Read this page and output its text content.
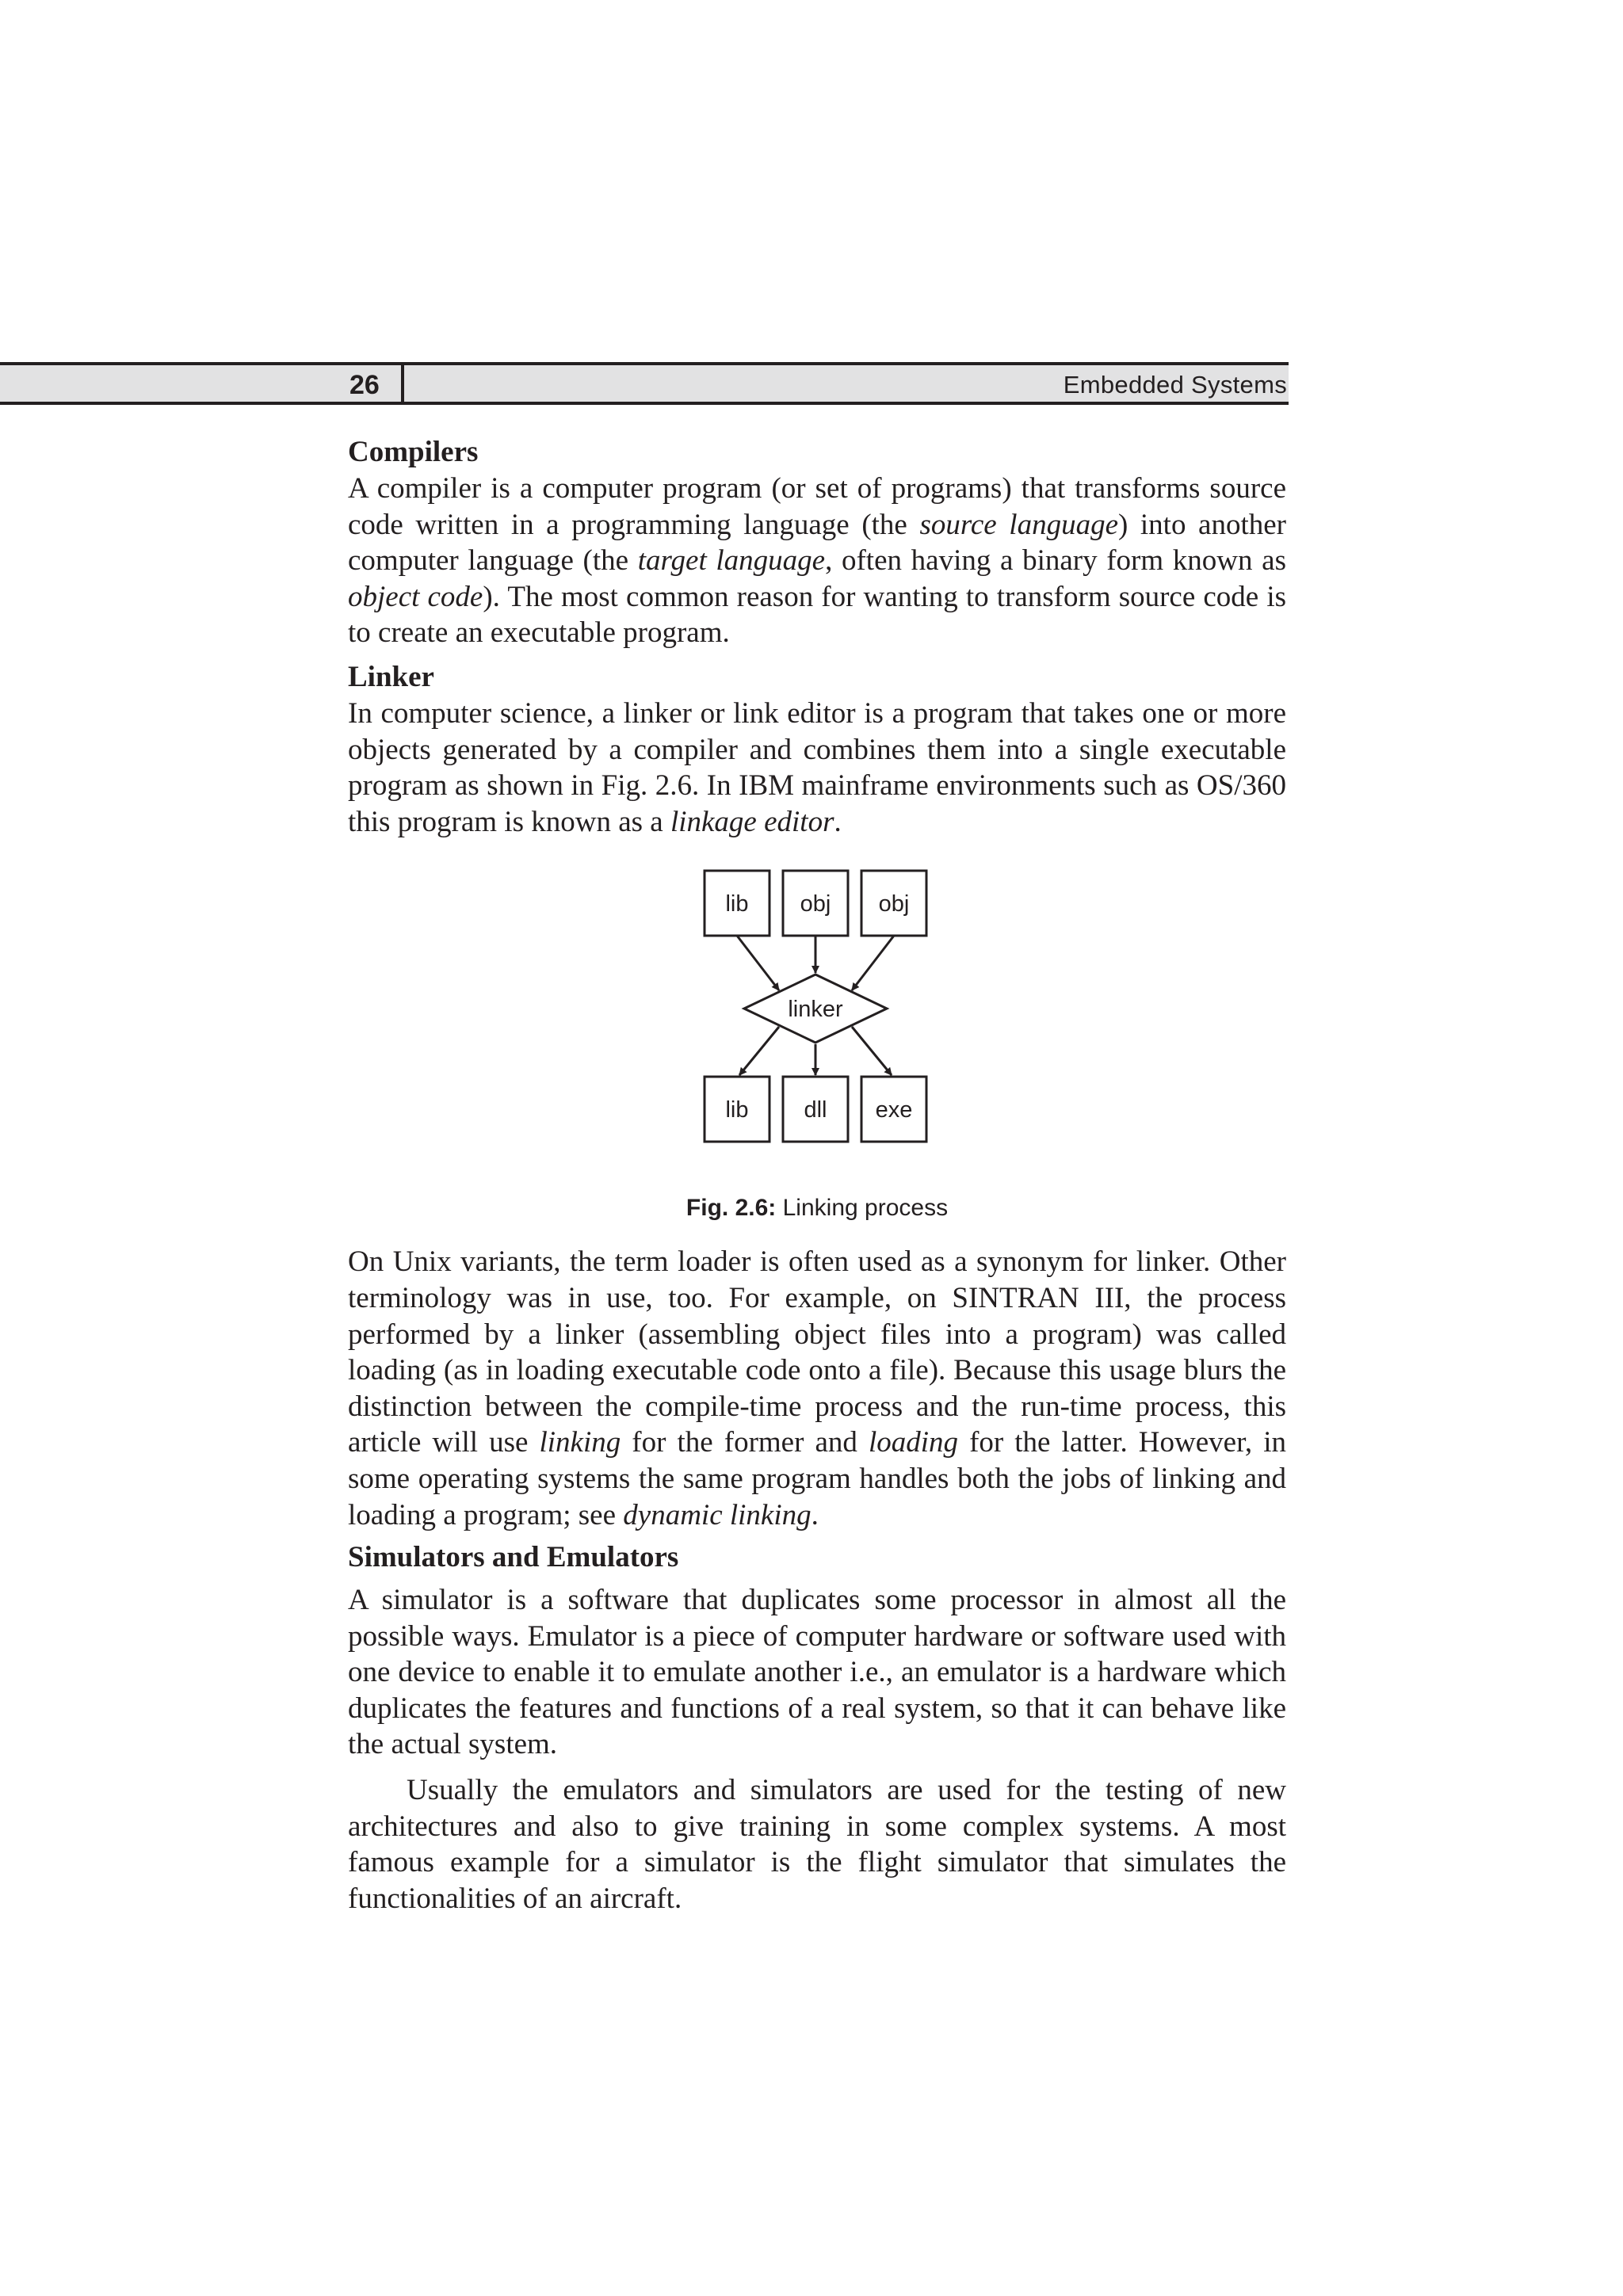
26	Embedded Systems
Compilers

A compiler is a computer program (or set of programs) that transforms source code written in a programming language (the source language) into another computer language (the target language, often having a binary form known as object code). The most common reason for wanting to transform source code is to create an executable program.

Linker

In computer science, a linker or link editor is a program that takes one or more objects generated by a compiler and combines them into a single executable program as shown in Fig. 2.6. In IBM mainframe environments such as OS/360 this program is known as a linkage editor.

lib obj obj
linker
lib dll exe
Fig. 2.6: Linking process

On Unix variants, the term loader is often used as a synonym for linker. Other terminology was in use, too. For example, on SINTRAN III, the process performed by a linker (assembling object files into a program) was called loading (as in loading executable code onto a file). Because this usage blurs the distinction between the compile-time process and the run-time process, this article will use linking for the former and loading for the latter. However, in some operating systems the same program handles both the jobs of linking and loading a program; see dynamic linking.

Simulators and Emulators

A simulator is a software that duplicates some processor in almost all the possible ways. Emulator is a piece of computer hardware or software used with one device to enable it to emulate another i.e., an emulator is a hardware which duplicates the features and functions of a real system, so that it can behave like the actual system.

Usually the emulators and simulators are used for the testing of new architectures and also to give training in some complex systems. A most famous example for a simulator is the flight simulator that simulates the functionalities of an aircraft.
